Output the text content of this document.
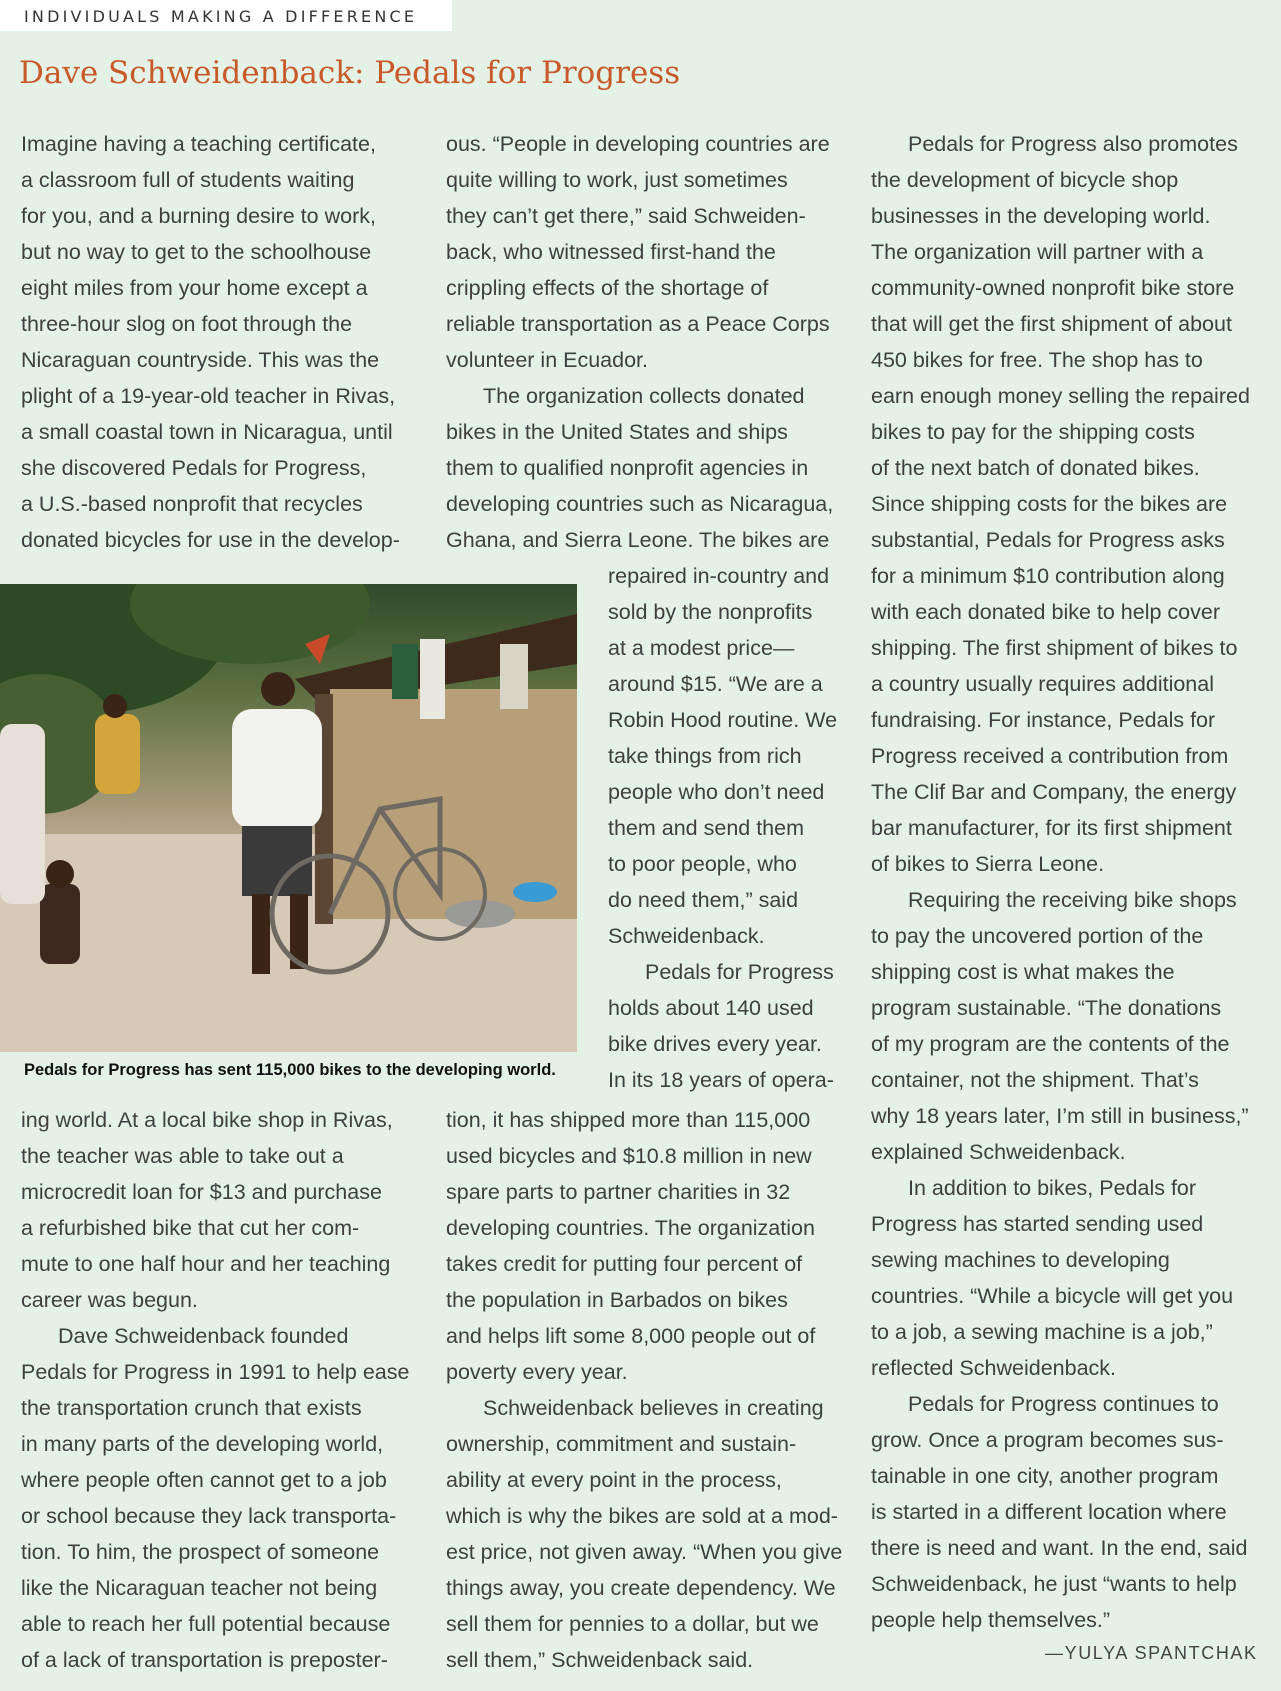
INDIVIDUALS MAKING A DIFFERENCE
Dave Schweidenback: Pedals for Progress
Imagine having a teaching certificate,
a classroom full of students waiting
for you, and a burning desire to work,
but no way to get to the schoolhouse
eight miles from your home except a
three-hour slog on foot through the
Nicaraguan countryside. This was the
plight of a 19-year-old teacher in Rivas,
a small coastal town in Nicaragua, until
she discovered Pedals for Progress,
a U.S.-based nonprofit that recycles
donated bicycles for use in the develop-
Pedals for Progress has sent 115,000 bikes to the developing world.
ing world. At a local bike shop in Rivas,
the teacher was able to take out a
microcredit loan for $13 and purchase
a refurbished bike that cut her com-
mute to one half hour and her teaching
career was begun.
Dave Schweidenback founded
Pedals for Progress in 1991 to help ease
the transportation crunch that exists
in many parts of the developing world,
where people often cannot get to a job
or school because they lack transporta-
tion. To him, the prospect of someone
like the Nicaraguan teacher not being
able to reach her full potential because
of a lack of transportation is preposter-
ous. “People in developing countries are
quite willing to work, just sometimes
they can’t get there,” said Schweiden-
back, who witnessed first-hand the
crippling effects of the shortage of
reliable transportation as a Peace Corps
volunteer in Ecuador.
The organization collects donated
bikes in the United States and ships
them to qualified nonprofit agencies in
developing countries such as Nicaragua,
Ghana, and Sierra Leone. The bikes are
repaired in-country and
sold by the nonprofits
at a modest price—
around $15. “We are a
Robin Hood routine. We
take things from rich
people who don’t need
them and send them
to poor people, who
do need them,” said
Schweidenback.
Pedals for Progress
holds about 140 used
bike drives every year.
In its 18 years of opera-
tion, it has shipped more than 115,000
used bicycles and $10.8 million in new
spare parts to partner charities in 32
developing countries. The organization
takes credit for putting four percent of
the population in Barbados on bikes
and helps lift some 8,000 people out of
poverty every year.
Schweidenback believes in creating
ownership, commitment and sustain-
ability at every point in the process,
which is why the bikes are sold at a mod-
est price, not given away. “When you give
things away, you create dependency. We
sell them for pennies to a dollar, but we
sell them,” Schweidenback said.
Pedals for Progress also promotes
the development of bicycle shop
businesses in the developing world.
The organization will partner with a
community-owned nonprofit bike store
that will get the first shipment of about
450 bikes for free. The shop has to
earn enough money selling the repaired
bikes to pay for the shipping costs
of the next batch of donated bikes.
Since shipping costs for the bikes are
substantial, Pedals for Progress asks
for a minimum $10 contribution along
with each donated bike to help cover
shipping. The first shipment of bikes to
a country usually requires additional
fundraising. For instance, Pedals for
Progress received a contribution from
The Clif Bar and Company, the energy
bar manufacturer, for its first shipment
of bikes to Sierra Leone.
Requiring the receiving bike shops
to pay the uncovered portion of the
shipping cost is what makes the
program sustainable. “The donations
of my program are the contents of the
container, not the shipment. That’s
why 18 years later, I’m still in business,”
explained Schweidenback.
In addition to bikes, Pedals for
Progress has started sending used
sewing machines to developing
countries. “While a bicycle will get you
to a job, a sewing machine is a job,”
reflected Schweidenback.
Pedals for Progress continues to
grow. Once a program becomes sus-
tainable in one city, another program
is started in a different location where
there is need and want. In the end, said
Schweidenback, he just “wants to help
people help themselves.”
—YULYA SPANTCHAK
